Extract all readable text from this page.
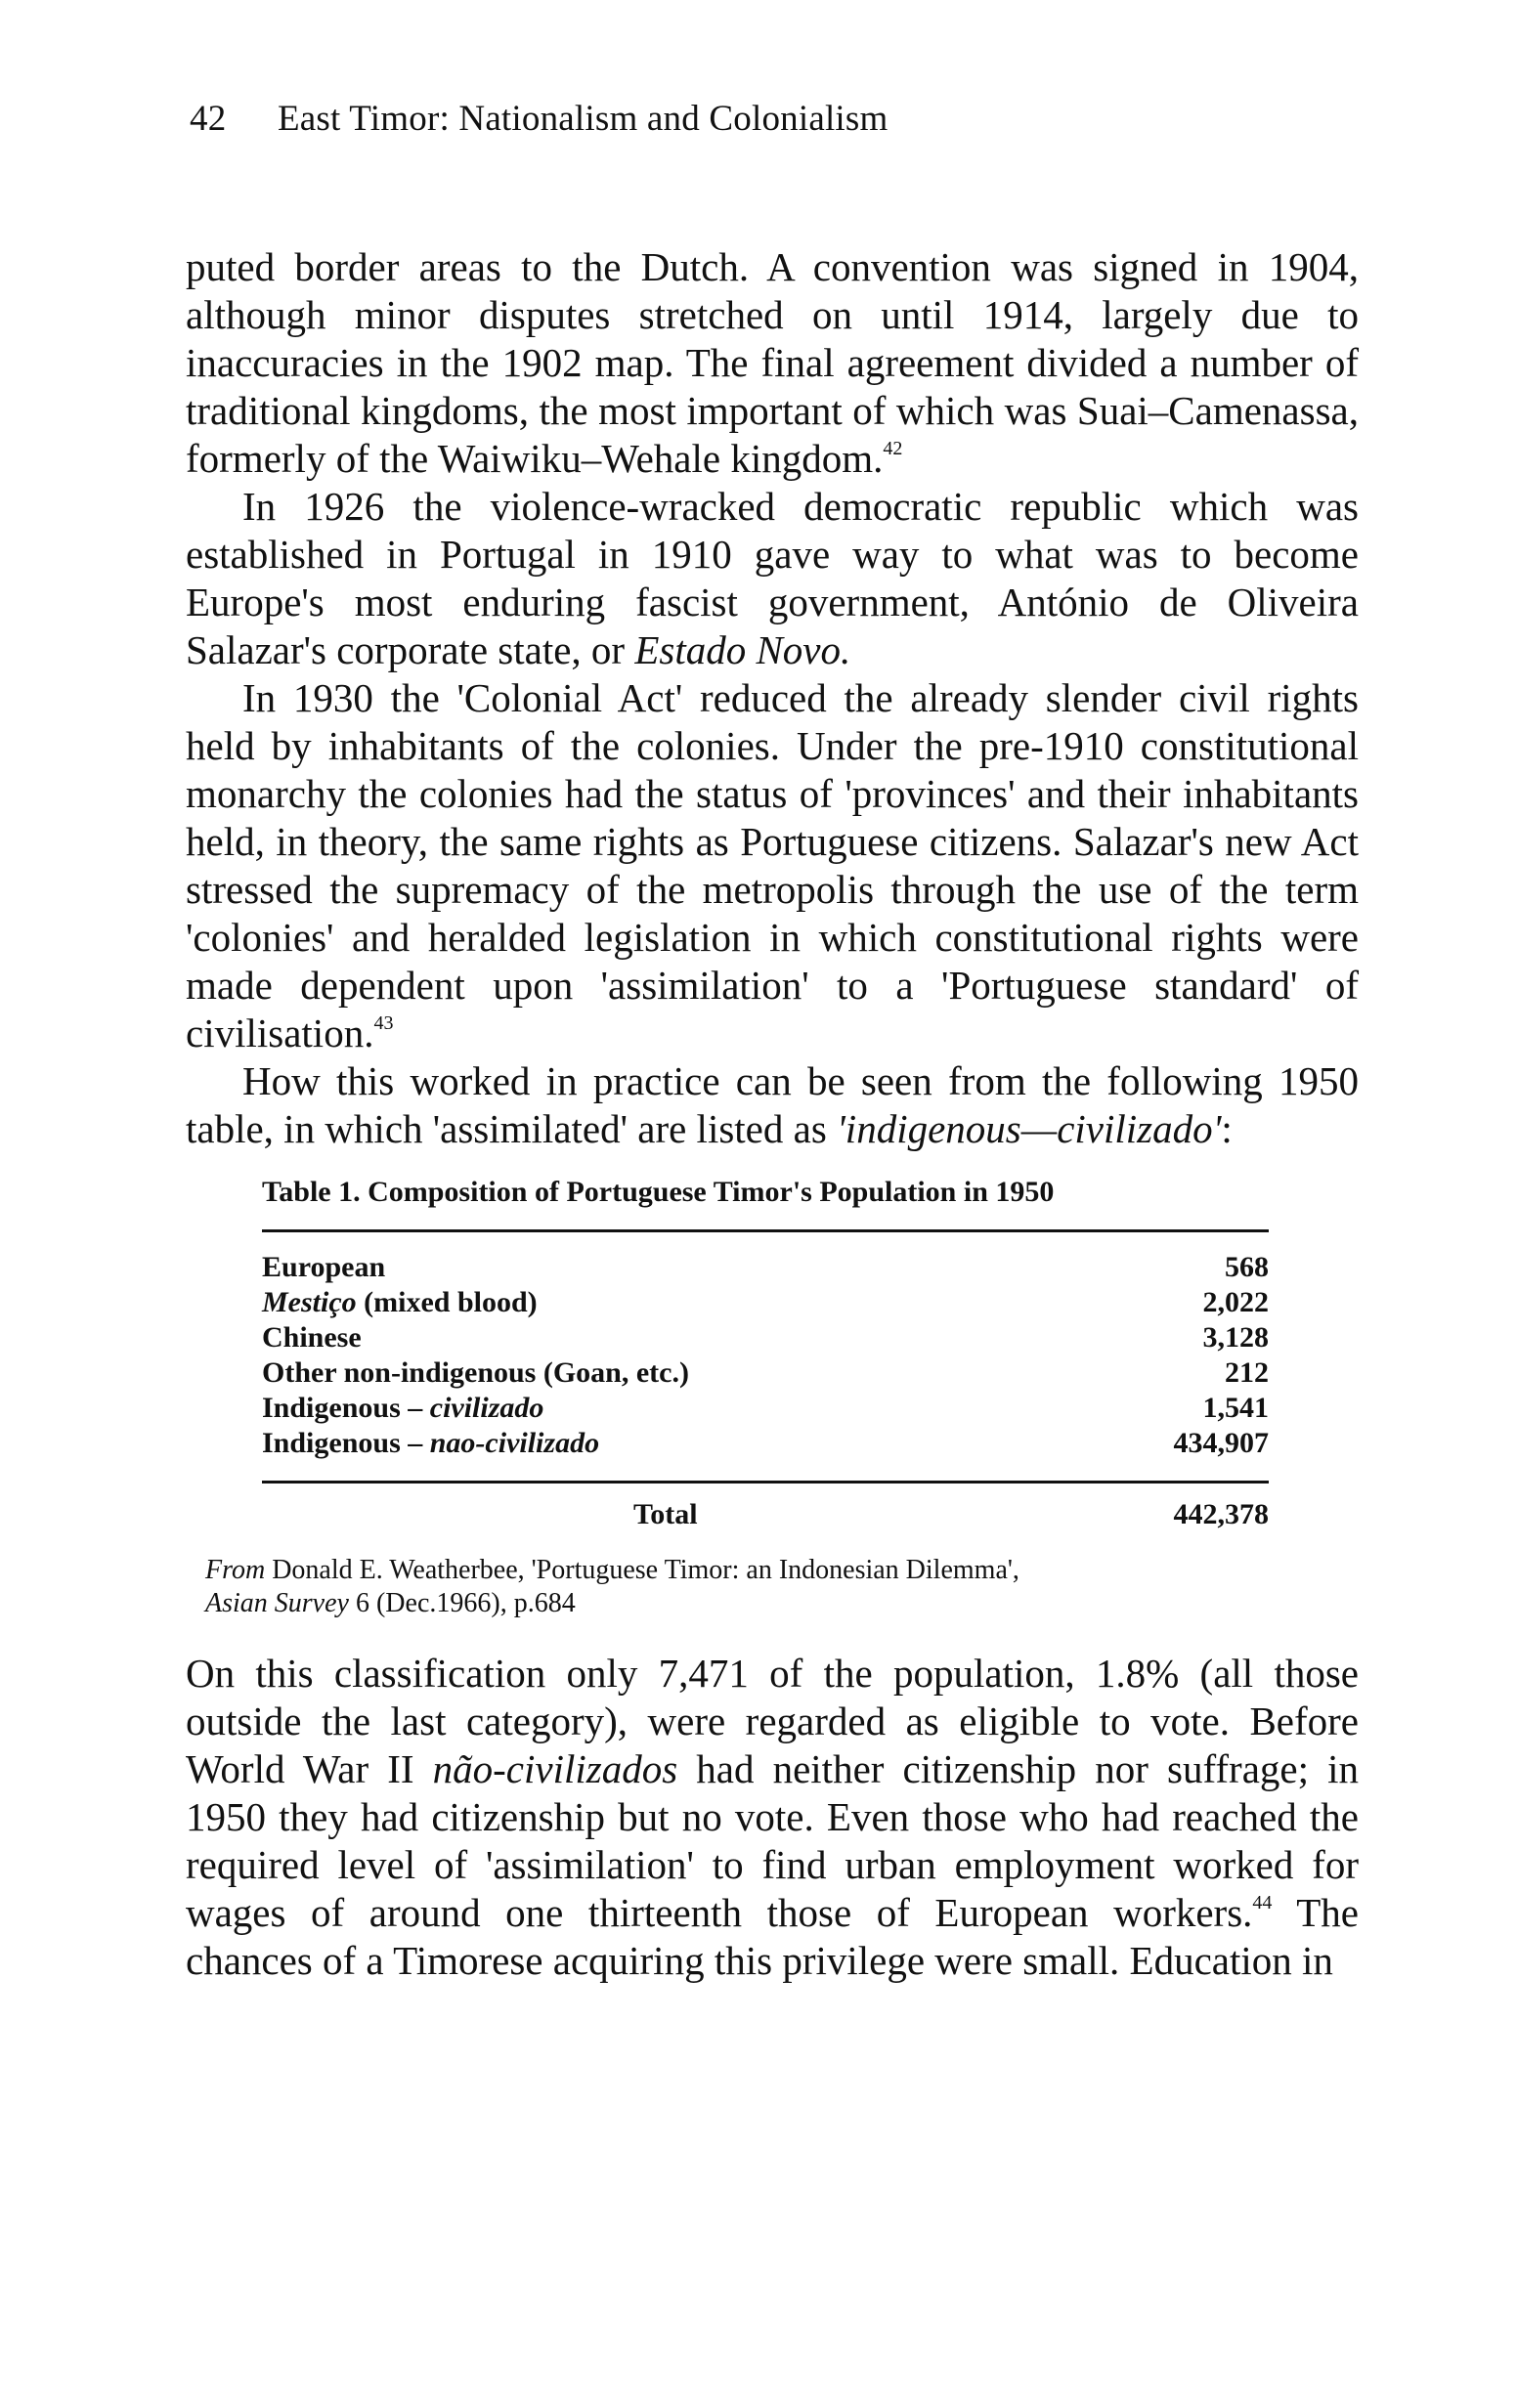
42 East Timor: Nationalism and Colonialism

puted border areas to the Dutch. A convention was signed in 1904, although minor disputes stretched on until 1914, largely due to inaccuracies in the 1902 map. The final agreement divided a number of traditional kingdoms, the most important of which was Suai–Camenassa, formerly of the Waiwiku–Wehale kingdom.$^{42}$

In 1926 the violence-wracked democratic republic which was established in Portugal in 1910 gave way to what was to become Europe's most enduring fascist government, António de Oliveira Salazar's corporate state, or Estado Novo.

In 1930 the 'Colonial Act' reduced the already slender civil rights held by inhabitants of the colonies. Under the pre-1910 constitutional monarchy the colonies had the status of 'provinces' and their inhabitants held, in theory, the same rights as Portuguese citizens. Salazar's new Act stressed the supremacy of the metropolis through the use of the term 'colonies' and heralded legislation in which constitutional rights were made dependent upon 'assimilation' to a 'Portuguese standard' of civilisation.$^{43}$

How this worked in practice can be seen from the following 1950 table, in which 'assimilated' are listed as 'indigenous—civilizado':

Table 1. Composition of Portuguese Timor's Population in 1950
European	568
Mestiço (mixed blood)	2,022
Chinese	3,128
Other non-indigenous (Goan, etc.)	212
Indigenous – civilizado	1,541
Indigenous – nao-civilizado	434,907
Total	442,378
From Donald E. Weatherbee, 'Portuguese Timor: an Indonesian Dilemma',
Asian Survey 6 (Dec.1966), p.684

On this classification only 7,471 of the population, 1.8% (all those outside the last category), were regarded as eligible to vote. Before World War II não-civilizados had neither citizenship nor suffrage; in 1950 they had citizenship but no vote. Even those who had reached the required level of 'assimilation' to find urban employment worked for wages of around one thirteenth those of European workers.$^{44}$ The chances of a Timorese acquiring this privilege were small. Education in
